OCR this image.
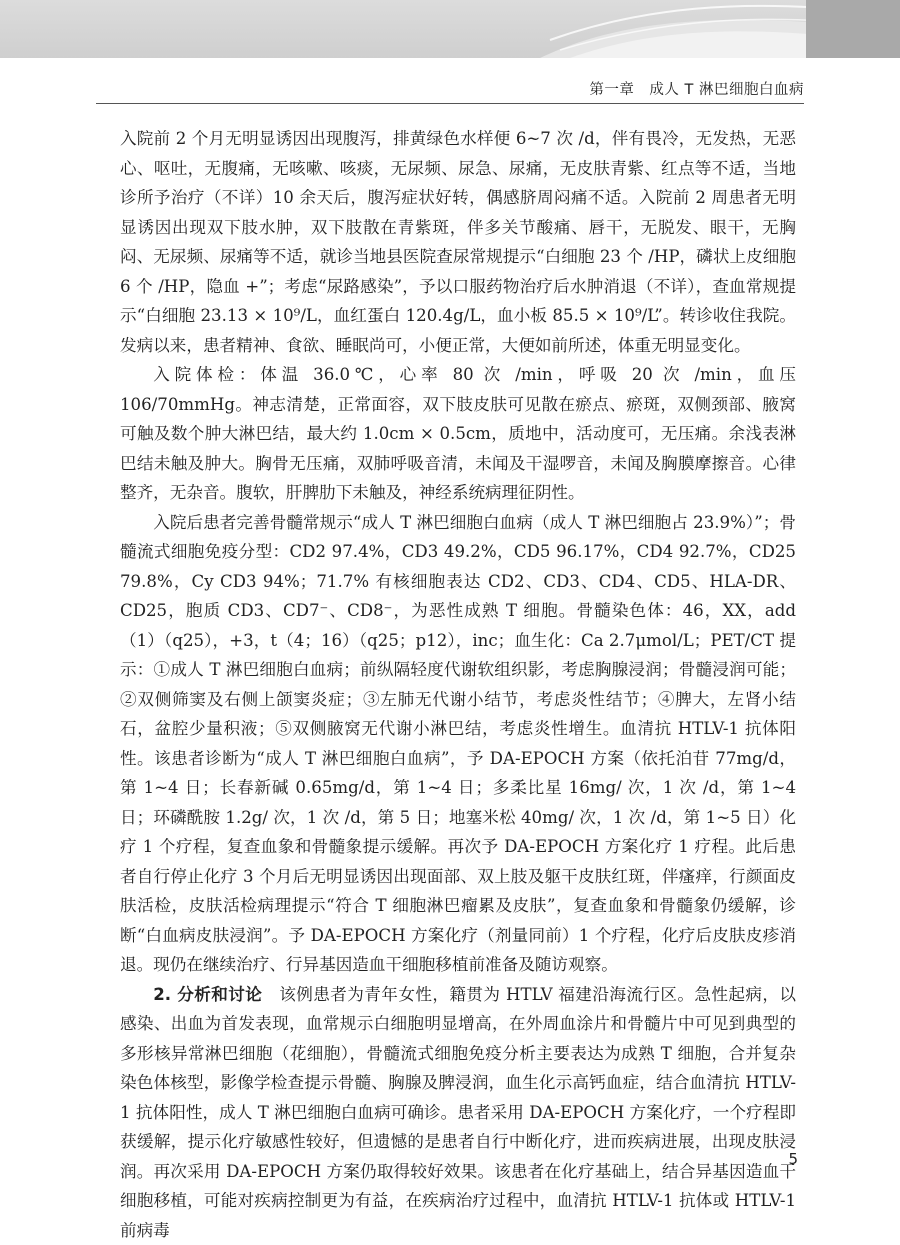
第一章　成人 T 淋巴细胞白血病

入院前 2 个月无明显诱因出现腹泻，排黄绿色水样便 6~7 次 /d，伴有畏冷，无发热，无恶心、呕吐，无腹痛，无咳嗽、咳痰，无尿频、尿急、尿痛，无皮肤青紫、红点等不适，当地诊所予治疗（不详）10 余天后，腹泻症状好转，偶感脐周闷痛不适。入院前 2 周患者无明显诱因出现双下肢水肿，双下肢散在青紫斑，伴多关节酸痛、唇干，无脱发、眼干，无胸闷、无尿频、尿痛等不适，就诊当地县医院查尿常规提示“白细胞 23 个 /HP，磷状上皮细胞 6 个 /HP，隐血 +”；考虑“尿路感染”，予以口服药物治疗后水肿消退（不详），查血常规提示“白细胞 23.13 × 10⁹/L，血红蛋白 120.4g/L，血小板 85.5 × 10⁹/L”。转诊收住我院。发病以来，患者精神、食欲、睡眠尚可，小便正常，大便如前所述，体重无明显变化。

入院体检：体温 36.0℃，心率 80 次 /min，呼吸 20 次 /min，血压 106/70mmHg。神志清楚，正常面容，双下肢皮肤可见散在瘀点、瘀斑，双侧颈部、腋窝可触及数个肿大淋巴结，最大约 1.0cm × 0.5cm，质地中，活动度可，无压痛。余浅表淋巴结未触及肿大。胸骨无压痛，双肺呼吸音清，未闻及干湿啰音，未闻及胸膜摩擦音。心律整齐，无杂音。腹软，肝脾肋下未触及，神经系统病理征阴性。

入院后患者完善骨髓常规示“成人 T 淋巴细胞白血病（成人 T 淋巴细胞占 23.9%）”；骨髓流式细胞免疫分型：CD2 97.4%，CD3 49.2%，CD5 96.17%，CD4 92.7%，CD25 79.8%，Cy CD3 94%；71.7% 有核细胞表达 CD2、CD3、CD4、CD5、HLA-DR、CD25，胞质 CD3、CD7⁻、CD8⁻，为恶性成熟 T 细胞。骨髓染色体：46，XX，add（1）（q25），+3，t（4；16）（q25；p12），inc；血生化：Ca 2.7μmol/L；PET/CT 提示：①成人 T 淋巴细胞白血病；前纵隔轻度代谢软组织影，考虑胸腺浸润；骨髓浸润可能；②双侧筛窦及右侧上颌窦炎症；③左肺无代谢小结节，考虑炎性结节；④脾大，左肾小结石，盆腔少量积液；⑤双侧腋窝无代谢小淋巴结，考虑炎性增生。血清抗 HTLV-1 抗体阳性。该患者诊断为“成人 T 淋巴细胞白血病”，予 DA-EPOCH 方案（依托泊苷 77mg/d，第 1~4 日；长春新碱 0.65mg/d，第 1~4 日；多柔比星 16mg/ 次，1 次 /d，第 1~4 日；环磷酰胺 1.2g/ 次，1 次 /d，第 5 日；地塞米松 40mg/ 次，1 次 /d，第 1~5 日）化疗 1 个疗程，复查血象和骨髓象提示缓解。再次予 DA-EPOCH 方案化疗 1 疗程。此后患者自行停止化疗 3 个月后无明显诱因出现面部、双上肢及躯干皮肤红斑，伴瘙痒，行颜面皮肤活检，皮肤活检病理提示“符合 T 细胞淋巴瘤累及皮肤”，复查血象和骨髓象仍缓解，诊断“白血病皮肤浸润”。予 DA-EPOCH 方案化疗（剂量同前）1 个疗程，化疗后皮肤皮疹消退。现仍在继续治疗、行异基因造血干细胞移植前准备及随访观察。

2. 分析和讨论　该例患者为青年女性，籍贯为 HTLV 福建沿海流行区。急性起病，以感染、出血为首发表现，血常规示白细胞明显增高，在外周血涂片和骨髓片中可见到典型的多形核异常淋巴细胞（花细胞），骨髓流式细胞免疫分析主要表达为成熟 T 细胞，合并复杂染色体核型，影像学检查提示骨髓、胸腺及脾浸润，血生化示高钙血症，结合血清抗 HTLV-1 抗体阳性，成人 T 淋巴细胞白血病可确诊。患者采用 DA-EPOCH 方案化疗，一个疗程即获缓解，提示化疗敏感性较好，但遗憾的是患者自行中断化疗，进而疾病进展，出现皮肤浸润。再次采用 DA-EPOCH 方案仍取得较好效果。该患者在化疗基础上，结合异基因造血干细胞移植，可能对疾病控制更为有益，在疾病治疗过程中，血清抗 HTLV-1 抗体或 HTLV-1 前病毒

5
